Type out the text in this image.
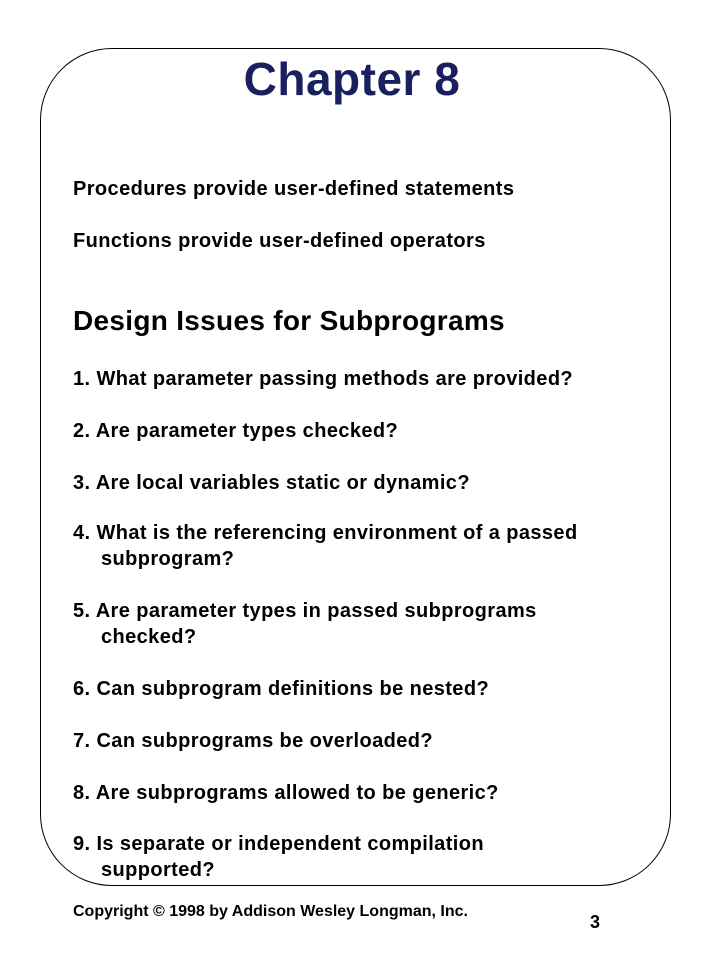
Chapter 8
Procedures provide user-defined statements
Functions provide user-defined operators
Design Issues for Subprograms
1. What parameter passing methods are provided?
2. Are parameter types checked?
3. Are local variables static or dynamic?
4. What is the referencing environment of a passed
subprogram?
5. Are parameter types in passed subprograms
checked?
6. Can subprogram definitions be nested?
7. Can subprograms be overloaded?
8. Are subprograms allowed to be generic?
9. Is separate or independent compilation
supported?
Copyright © 1998 by Addison Wesley Longman, Inc.
3
